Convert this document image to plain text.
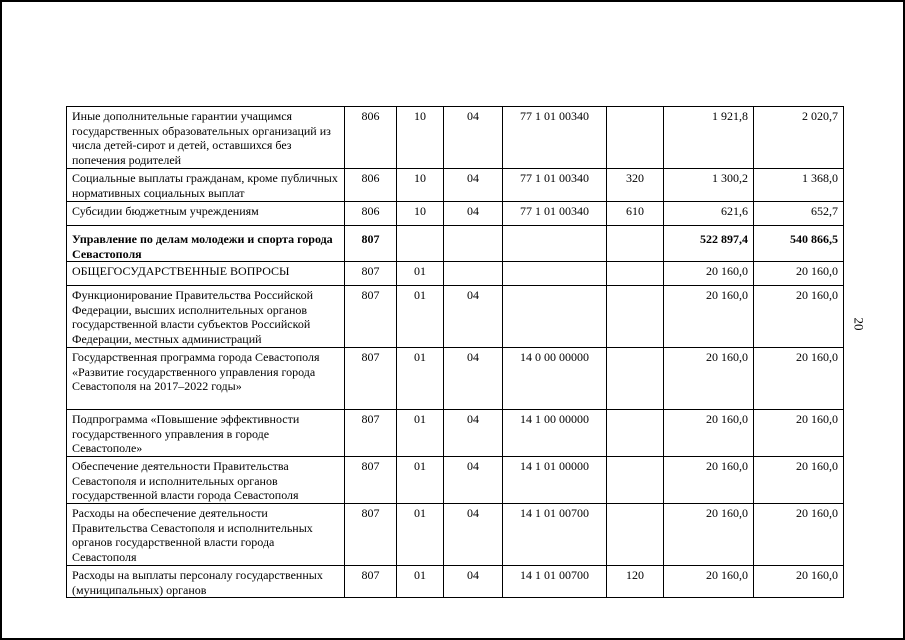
20
Иные дополнительные гарантии учащимся государственных образовательных организаций из числа детей-сирот и детей, оставшихся без попечения родителей	806	10	04	77 1 01 00340		1 921,8	2 020,7
Социальные выплаты гражданам, кроме публичных нормативных социальных выплат	806	10	04	77 1 01 00340	320	1 300,2	1 368,0
Субсидии бюджетным учреждениям	806	10	04	77 1 01 00340	610	621,6	652,7
Управление по делам молодежи и спорта города Севастополя	807					522 897,4	540 866,5
ОБЩЕГОСУДАРСТВЕННЫЕ ВОПРОСЫ	807	01				20 160,0	20 160,0
Функционирование Правительства Российской Федерации, высших исполнительных органов государственной власти субъектов Российской Федерации, местных администраций	807	01	04			20 160,0	20 160,0
Государственная программа города Севастополя «Развитие государственного управления города Севастополя на 2017–2022 годы»	807	01	04	14 0 00 00000		20 160,0	20 160,0
Подпрограмма «Повышение эффективности государственного управления в городе Севастополе»	807	01	04	14 1 00 00000		20 160,0	20 160,0
Обеспечение деятельности Правительства Севастополя и исполнительных органов государственной власти города Севастополя	807	01	04	14 1 01 00000		20 160,0	20 160,0
Расходы на обеспечение деятельности Правительства Севастополя и исполнительных органов государственной власти города Севастополя	807	01	04	14 1 01 00700		20 160,0	20 160,0
Расходы на выплаты персоналу государственных (муниципальных) органов	807	01	04	14 1 01 00700	120	20 160,0	20 160,0
